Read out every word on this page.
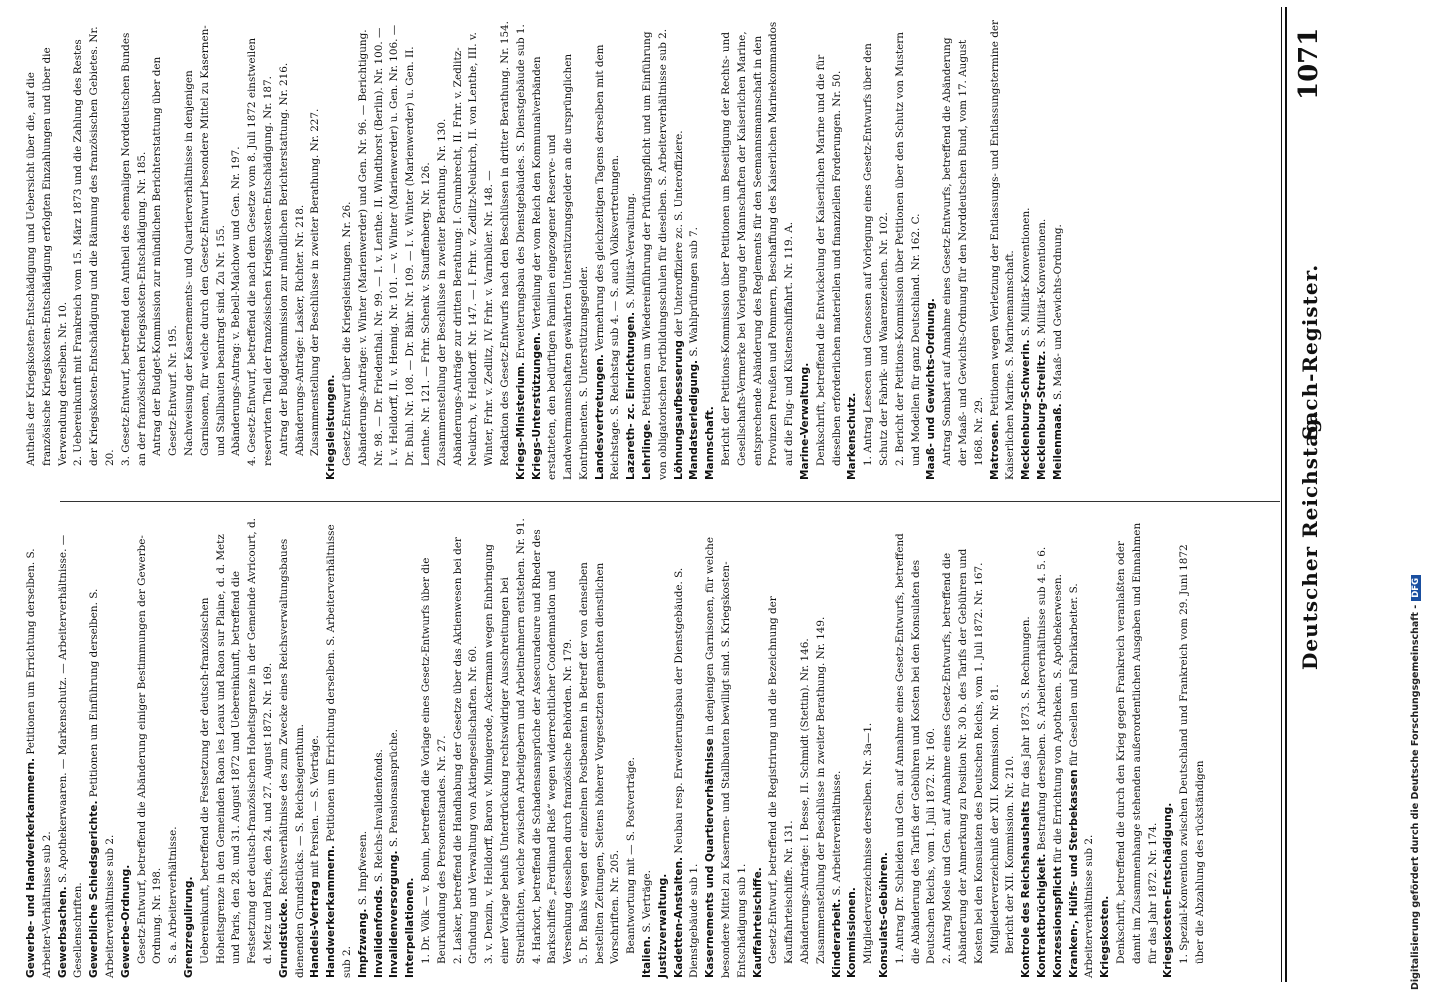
Gewerbe- und Handwerkerkammern. Petitionen um Errichtung derselben. S. Arbeiter-Verhältnisse sub 2. Gewerbsachen. S. Apothekerwaaren. — Markenschutz. — Arbeiterverhältnisse. — Gesellenschriften. Gewerbliche Schiedsgerichte. Petitionen um Einführung derselben. S. Arbeiterverhältnisse sub 2. Gewerbe-Ordnung. Gesetz-Entwurf, betreffend die Abänderung einiger Bestimmungen der Gewerbe-Ordnung. Nr. 198. S. a. Arbeiterverhältnisse. Grenzregulirung. Uebereinkunft, betreffend die Festsetzung der deutsch-französischen Hoheitsgrenze in den Gemeinden Raon les Leaux und Raon sur Plaine, d. d. Metz und Paris, den 28. und 31. August 1872 und Uebereinkunft, betreffend die Festsetzung der deutsch-französischen Hoheitsgrenze in der Gemeinde Avricourt, d. d. Metz und Paris, den 24. und 27. August 1872. Nr. 169. Grundstücke. Rechtsverhältnisse des zum Zwecke eines Reichsverwaltungsbaues dienenden Grundstücks. — S. Reichseigenthum. Handels-Vertrag mit Persien. — S. Verträge.

Handwerkerkammern. Petitionen um Errichtung derselben. S. Arbeiterverhältnisse sub 2. Impfzwang. S. Impfwesen.

Invalidenfonds. S. Reichs-Invalidenfonds.

Invalidenversorgung. S. Pensionsansprüche.

Interpellationen. 1. Dr. Völk — v. Bonin, betreffend die Vorlage eines Gesetz-Entwurfs über die Beurkundung des Personenstandes. Nr. 27. 2. Lasker, betreffend die Handhabung der Gesetze über das Aktienwesen bei der Gründung und Verwaltung von Aktiengesellschaften. Nr. 60. 3. v. Denzin, v. Helldorff, Baron v. Minnigerode, Ackermann wegen Einbringung einer Vorlage behufs Unterdrückung rechtswidriger Ausschreitungen bei Streiktlichten, welche zwischen Arbeitgebern und Arbeitnehmern entstehen. Nr. 91. 4. Harkort, betreffend die Schadensansprüche der Assecuradeure und Rheder des Barkschiffes „Ferdinand Rieß“ wegen widerrechtlicher Condemnation und Versenkung desselben durch französische Behörden. Nr. 179. 5. Dr. Banks wegen der einzelnen Postbeamten in Betreff der von denselben bestellten Zeitungen, Seitens höherer Vorgesetzten gemachten dienstlichen Vorschriften. Nr. 205. Beantwortung mit — S. Postverträge.

Italien. S. Verträge. Justizverwaltung. Kadetten-Anstalten. Neubau resp. Erweiterungsbau der Dienstgebäude. S. Dienstgebäude sub 1. Kasernements und Quartierverhältnisse in denjenigen Garnisonen, für welche besondere Mittel zu Kasernen- und Stallbauten bewilligt sind. S. Kriegskosten-Entschädigung sub 1. Kauffahrteischiffe. Gesetz-Entwurf, betreffend die Registrirung und die Bezeichnung der Kauffahrteischiffe. Nr. 131. Abänderungs-Anträge: I. Besse, II. Schmidt (Stettin). Nr. 146. Zusammenstellung der Beschlüsse in zweiter Berathung. Nr. 149. Kinderarbeit. S. Arbeiterverhältnisse.

Kommissionen. Mitgliederverzeichnisse derselben. Nr. 3a—1. Konsulats-Gebühren. 1. Antrag Dr. Schleiden und Gen. auf Annahme eines Gesetz-Entwurfs, betreffend die Abänderung des Tarifs der Gebühren und Kosten bei den Konsulaten des Deutschen Reichs, vom 1. Juli 1872. Nr. 160. 2. Antrag Mosle und Gen. auf Annahme eines Gesetz-Entwurfs, betreffend die Abänderung der Anmerkung zu Position Nr. 30 b. des Tarifs der Gebühren und Kosten bei den Konsulaten des Deutschen Reichs, vom 1. Juli 1872. Nr. 167. Mitgliederverzeichniß der XII. Kommission. Nr. 81. Bericht der XII. Kommission. Nr. 210. Kontrole des Reichshaushalts für das Jahr 1873. S. Rechnungen.

Kontraktbrüchigkeit. Bestrafung derselben. S. Arbeiterverhältnisse sub 4. 5. 6.

Konzessionspflicht für die Errichtung von Apotheken. S. Apothekerwesen.

Kranken-, Hülfs- und Sterbekassen für Gesellen und Fabrikarbeiter. S. Arbeiterverhältnisse sub 2. Kriegskosten. Denkschrift, betreffend die durch den Krieg gegen Frankreich veranlaßten oder damit im Zusammenhange stehenden außerordentlichen Ausgaben und Einnahmen für das Jahr 1872. Nr. 174. Kriegskosten-Entschädigung. 1. Spezial-Konvention zwischen Deutschland und Frankreich vom 29. Juni 1872 über die Abzahlung des rückständigen

Antheils der Kriegskosten-Entschädigung und Uebersicht über die, auf die französische Kriegskosten-Entschädigung erfolgten Einzahlungen und über die Verwendung derselben. Nr. 10. 2. Uebereinkunft mit Frankreich vom 15. März 1873 und die Zahlung des Restes der Kriegskosten-Entschädigung und die Räumung des französischen Gebietes. Nr. 20. 3. Gesetz-Entwurf, betreffend den Antheil des ehemaligen Norddeutschen Bundes an der französischen Kriegskosten-Entschädigung. Nr. 185. Antrag der Budget-Kommission zur mündlichen Berichterstattung über den Gesetz-Entwurf. Nr. 195. Nachweisung der Kasernements- und Quartierverhältnisse in denjenigen Garnisonen, für welche durch den Gesetz-Entwurf besondere Mittel zu Kasernen- und Stallbauten beantragt sind. Zu Nr. 155. Abänderungs-Antrag: v. Bebell-Malchow und Gen. Nr. 197. 4. Gesetz-Entwurf, betreffend die nach dem Gesetze vom 8. Juli 1872 einstweilen reservirten Theil der französischen Kriegskosten-Entschädigung. Nr. 187. Antrag der Budgetkommission zur mündlichen Berichterstattung. Nr. 216. Abänderungs-Anträge: Lasker, Richter. Nr. 218. Zusammenstellung der Beschlüsse in zweiter Berathung. Nr. 227. Kriegsleistungen. Gesetz-Entwurf über die Kriegsleistungen. Nr. 26. Abänderungs-Anträge: v. Winter (Marienwerder) und Gen. Nr. 96. — Berichtigung. Nr. 98. — Dr. Friedenthal. Nr. 99. — I. v. Lenthe. II. Windthorst (Berlin). Nr. 100. — I. v. Helldorff, II. v. Hennig. Nr. 101. — v. Winter (Marienwerder) u. Gen. Nr. 106. — Dr. Buhl. Nr. 108. — Dr. Bähr. Nr. 109. — I. v. Winter (Marienwerder) u. Gen. II. Lenthe. Nr. 121. — Frhr. Schenk v. Stauffenberg. Nr. 126. Zusammenstellung der Beschlüsse in zweiter Berathung. Nr. 130. Abänderungs-Anträge zur dritten Berathung: I. Grumbrecht, II. Frhr. v. Zedlitz-Neukirch, v. Helldorff. Nr. 147. — I. Frhr. v. Zedlitz-Neukirch, II. von Lenthe, III. v. Winter, Frhr. v. Zedlitz, IV. Frhr. v. Varnbüler. Nr. 148. — Redaktion des Gesetz-Entwurfs nach den Beschlüssen in dritter Berathung. Nr. 154. Kriegs-Ministerium. Erweiterungsbau des Dienstgebäudes. S. Dienstgebäude sub 1.

Kriegs-Unterstützungen. Verteilung der vom Reich den Kommunalverbänden erstatteten, den bedürftigen Familien eingezogener Reserve- und Landwehrmannschaften gewährten Unterstützungsgelder an die ursprünglichen Kontribuenten. S. Unterstützungsgelder. Landesvertretungen. Vermehrung des gleichzeitigen Tagens derselben mit dem Reichstage. S. Reichstag sub 4. — S. auch Volksvertretungen. Lazareth- zc. Einrichtungen. S. Militär-Verwaltung.

Lehrlinge. Petitionen um Wiedereinführung der Prüfungspflicht und um Einführung von obligatorischen Fortbildungsschulen für dieselben. S. Arbeiterverhältnisse sub 2. Löhnungsaufbesserung der Unteroffiziere zc. S. Unteroffiziere.

Mandatserledigung. S. Wahlprüfungen sub 7.

Mannschaft. Bericht der Petitions-Kommission über Petitionen um Beseitigung der Rechts- und Gesellschafts-Vermerke bei Vorlegung der Mannschaften der Kaiserlichen Marine, entsprechende Abänderung des Reglements für den Seemannsmannschaft in den Provinzen Preußen und Pommern, Beschaffung des Kaiserlichen Marinekommandos auf die Flug- und Küstenschiffahrt. Nr. 119. A. Marine-Verwaltung. Denkschrift, betreffend die Entwickelung der Kaiserlichen Marine und die für dieselben erforderlichen materiellen und finanziellen Forderungen. Nr. 50. Markenschutz. 1. Antrag Lesecen und Genossen auf Vorlegung eines Gesetz-Entwurfs über den Schutz der Fabrik- und Waarenzeichen. Nr. 102. 2. Bericht der Petitions-Kommission über Petitionen über den Schutz von Mustern und Modellen für ganz Deutschland. Nr. 162. C. Maaß- und Gewichts-Ordnung. Antrag Sombart auf Annahme eines Gesetz-Entwurfs, betreffend die Abänderung der Maaß- und Gewichts-Ordnung für den Norddeutschen Bund, vom 17. August 1868. Nr. 29. Matrosen. Petitionen wegen Verletzung der Entlassungs- und Entlassungstermine der Kaiserlichen Marine. S. Marinemannschaft. Mecklenburg-Schwerin. S. Militär-Konventionen.

Mecklenburg-Strelitz. S. Militär-Konventionen.

Meilenmaaß. S. Maaß- und Gewichts-Ordnung.

Deutscher Reichstag.
Sach-Register.
1071
Digitalisierung gefördert durch die Deutsche Forschungsgemeinschaft -DFG
